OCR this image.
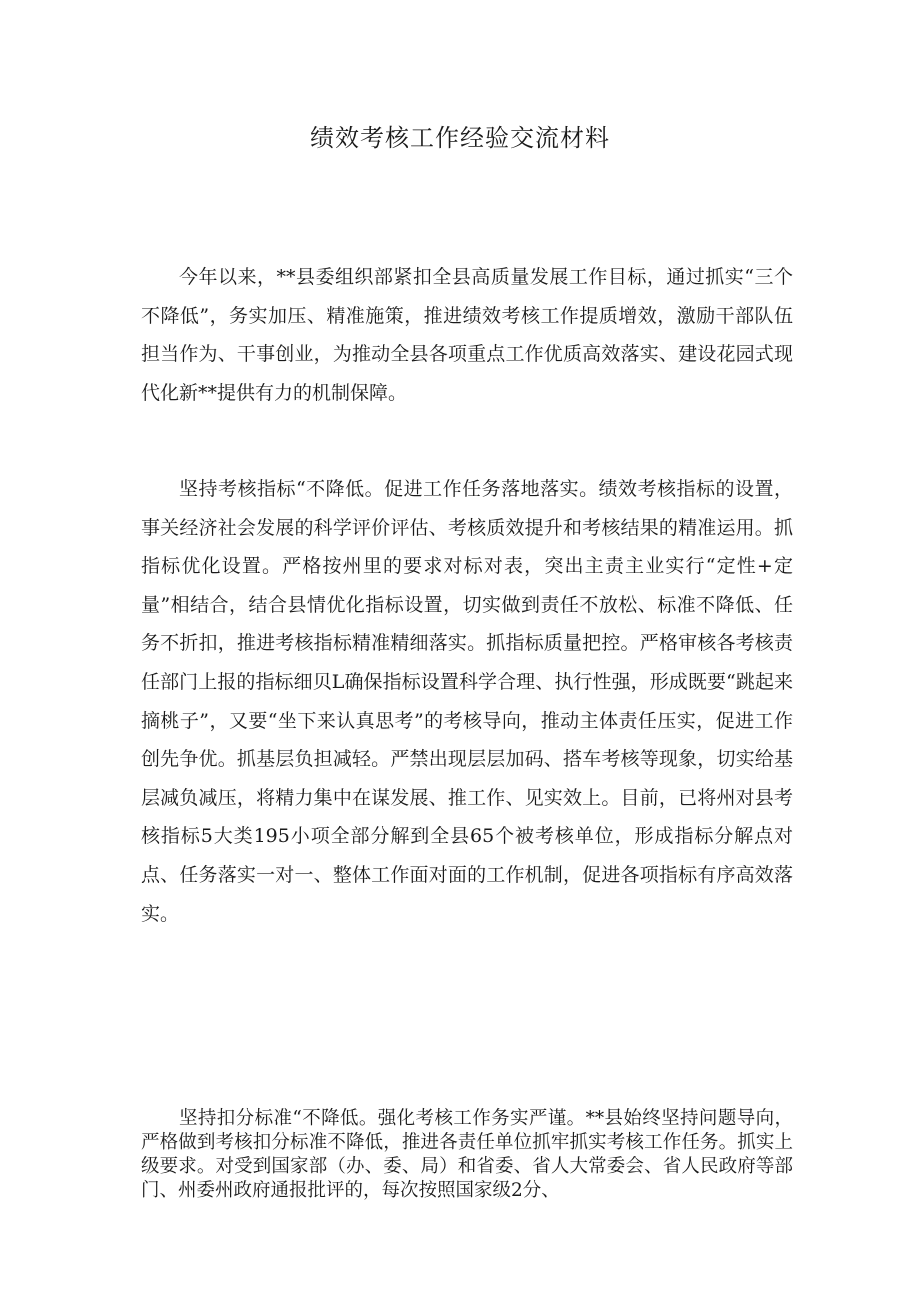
绩效考核工作经验交流材料

今年以来，**县委组织部紧扣全县高质量发展工作目标，通过抓实“三个不降低”，务实加压、精准施策，推进绩效考核工作提质增效，激励干部队伍担当作为、干事创业，为推动全县各项重点工作优质高效落实、建设花园式现代化新**提供有力的机制保障。

坚持考核指标“不降低。促进工作任务落地落实。绩效考核指标的设置，事关经济社会发展的科学评价评估、考核质效提升和考核结果的精准运用。抓指标优化设置。严格按州里的要求对标对表，突出主责主业实行“定性+定量”相结合，结合县情优化指标设置，切实做到责任不放松、标准不降低、任务不折扣，推进考核指标精准精细落实。抓指标质量把控。严格审核各考核责任部门上报的指标细贝L确保指标设置科学合理、执行性强，形成既要“跳起来摘桃子”，又要“坐下来认真思考”的考核导向，推动主体责任压实，促进工作创先争优。抓基层负担减轻。严禁出现层层加码、搭车考核等现象，切实给基层减负减压，将精力集中在谋发展、推工作、见实效上。目前，已将州对县考核指标5大类195小项全部分解到全县65个被考核单位，形成指标分解点对点、任务落实一对一、整体工作面对面的工作机制，促进各项指标有序高效落实。

坚持扣分标准“不降低。强化考核工作务实严谨。**县始终坚持问题导向，严格做到考核扣分标准不降低，推进各责任单位抓牢抓实考核工作任务。抓实上级要求。对受到国家部（办、委、局）和省委、省人大常委会、省人民政府等部门、州委州政府通报批评的，每次按照国家级2分、
